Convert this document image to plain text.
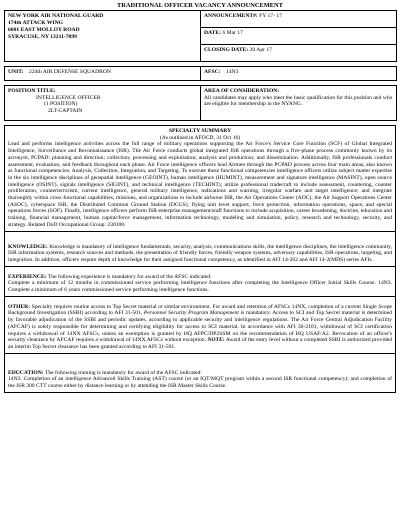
TRADITIONAL OFFICER VACANCY ANNOUNCEMENT
NEW YORK AIR NATIONAL GUARD
174th ATTACK WING
6001 EAST MOLLOY ROAD
SYRACUSE, NY 13211-7099
	ANNOUNCEMENT#: FY 17- 17
DATE: 6 Mar 17
CLOSING DATE: 20 Apr 17
UNIT: 224th AIR DEFENSE SQUADRON	AFSC: 14N3
POSITION TITLE:
INTELLIGENCE OFFICER
(1 POSITION)
2LT-CAPTAIN

AREA OF CONSIDERATION:
All candidates may apply who meet the basic qualification for this position and who are eligible for membership in the NYANG.
SPECIALTY SUMMARY
(As outlined in AFOCD, 31 Oct 16)
Lead and performs intelligence activities across the full range of military operations supporting the Air Force's Service Core Function (SCF) of Global Integrated Intelligence, Surveillance and Reconnaissance (ISR). The Air Force conducts global integrated ISR operations through a five-phase process commonly known by its acronym, PCPAD: planning and direction; collection; processing and exploitation; analysis and production; and dissemination. Additionally, ISR professionals conduct assessment, evaluation, and feedback throughout each phase. Air Force intelligence officers lead Airmen through the PCPAD process across four main areas, also known as functional competencies: Analysis, Collection, Integration, and Targeting. To execute these functional competencies intelligence officers utilize subject matter expertise in the six intelligence disciplines of geospatial intelligence (GEOINT), human intelligence (HUMINT), measurement and signature intelligence (MASINT), open source intelligence (OSINT), signals intelligence (SIGINT), and technical intelligence (TECHINT); utilize professional tradecraft to include assessment, countering, counter proliferation, counterterrorism, current intelligence, general military intelligence, indications and warning, irregular warfare and target intelligence; and integrate thoroughly within cross functional capabilities, missions, and organizations to include airborne ISR, the Air Operations Center (AOC), the Air Support Operations Center (ASOC), cyberspace ISR, the Distributed Common Ground Station (DCGS), flying unit level support, force protection, information operations, space, and special operations forces (SOF). Finally, intelligence officers perform ISR enterprise management/staff functions to include acquisition, career broadening, doctrine, education and training, financial management, human capital/force management, information technology, modeling and simulation, policy, research and technology, security, and strategy. Related DoD Occupational Group: 230100.
KNOWLEDGE: Knowledge is mandatory of intelligence fundamentals, security, analysis, communications skills, the intelligence disciplines, the intelligence community, ISR information systems, research sources and methods, the presentation of friendly forces, friendly weapon systems, adversary capabilities, ISR operations, targeting, and integration. In addition, officers require depth of knowledge for their assigned functional competency, as identified in AFI 14-202 and AFI 14-2(MDS) series AFIs.
EXPERIENCE: The following experience is mandatory for award of the AFSC indicated:
Complete a minimum of 12 months in commissioned service performing intelligence functions after completing the Intelligence Officer Initial Skills Course. 14N3. Complete a minimum of 6 years commissioned service performing intelligence functions.
OTHER: Specialty requires routine access to Top Secret material or similar environment. For award and retention of AFSCs 14NX, completion of a current Single Scope Background Investigation (SSBI) according to AFI 31-501, Personnel Security Program Management is mandatory. Access to SCI and Top Secret material is determined by favorable adjudication of the SSBI and periodic updates, according to applicable security and intelligence regulations. The Air Force Central Adjudication Facility (AFCAF) is solely responsible for determining and certifying eligibility for access to SCI material. In accordance with AFI 36-2101, withdrawal of SCI certification requires a withdrawal of 14NX AFSCs, unless an exemption is granted by HQ AFPC/DP2SSM on the recommendation of HQ USAF/A2. Revocation of an officer's security clearance by AFCAF requires a withdrawal of 14NX AFSCs without exception. NOTE: Award of the entry level without a completed SSBI is authorized provided an interim Top Secret clearance has been granted according to AFI 31-501.
EDUCATION: The following training is mandatory for award of the AFSC indicated:
14N3. Completion of an intelligence Advanced Skills Training (AST) course (or an IQT/MQT program within a second ISR functional competency); and completion of the ISR 300 CTT course either by distance learning or by attending the ISR Master Skills Course.
